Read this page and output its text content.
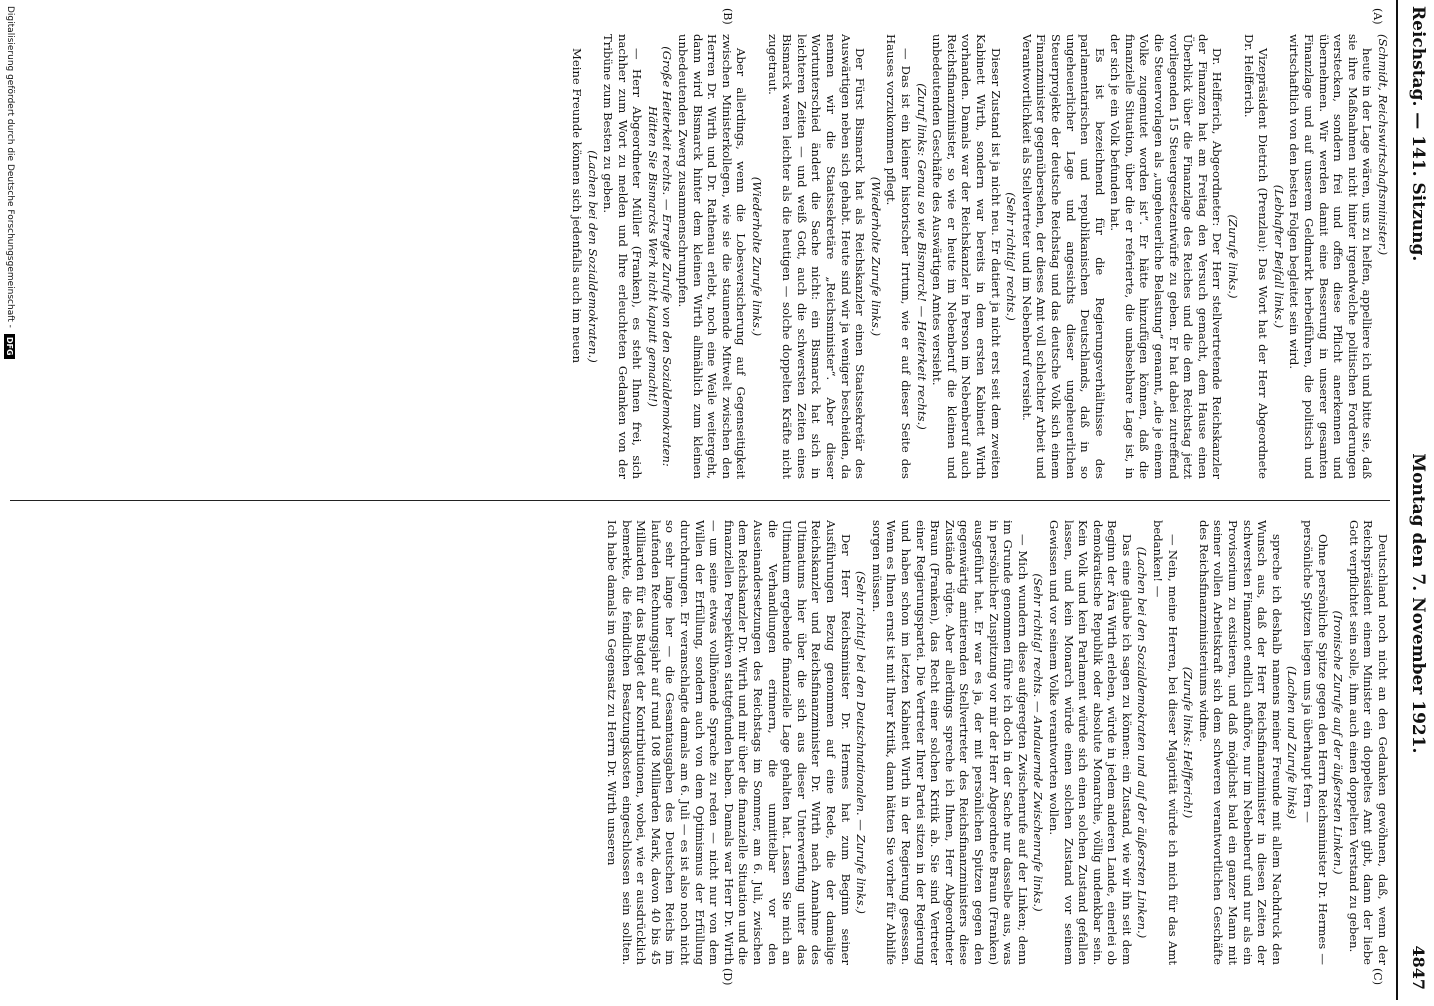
Reichstag. — 141. Sitzung.
Montag den 7. November 1921.
4847
(A)
(B)
(C)
(D)

(Schmidt, Reichswirtschaftsminister.)

heute in der Lage wären, uns zu helfen, appelliere ich und bitte sie, daß sie ihre Maßnahmen nicht hinter irgendwelche politischen Forderungen verstecken, sondern frei und offen diese Pflicht anerkennen und übernehmen. Wir werden damit eine Besserung in unserer gesamten Finanzlage und auf unserem Geldmarkt herbeiführen, die politisch und wirtschaftlich von den besten Folgen begleitet sein wird.

(Lebhafter Beifall links.)

Vizepräsident Dietrich (Prenzlau): Das Wort hat der Herr Abgeordnete Dr. Helfferich.

(Zurufe links.)

Dr. Helfferich, Abgeordneter: Der Herr stellvertretende Reichskanzler der Finanzen hat am Freitag den Versuch gemacht, dem Hause einen Überblick über die Finanzlage des Reiches und die dem Reichstag jetzt vorliegenden 15 Steuergesetzentwürfe zu geben. Er hat dabei zutreffend die Steuervorlagen als „ungeheuerliche Belastung“ genannt, „die je einem Volke zugemutet worden ist“. Er hätte hinzufügen können, daß die finanzielle Situation, über die er referierte, die unabsehbare Lage ist, in der sich je ein Volk befunden hat.

Es ist bezeichnend für die Regierungsverhältnisse des parlamentarischen und republikanischen Deutschlands, daß in so ungeheuerlicher Lage und angesichts dieser ungeheuerlichen Steuerprojekte der deutsche Reichstag und das deutsche Volk sich einem Finanzminister gegenübersehen, der dieses Amt voll schlechter Arbeit und Verantwortlichkeit als Stellvertreter und im Nebenberuf versieht.

(Sehr richtig! rechts.)

Dieser Zustand ist ja nicht neu. Er datiert ja nicht erst seit dem zweiten Kabinett Wirth, sondern war bereits in dem ersten Kabinett Wirth vorhanden. Damals war der Reichskanzler in Person im Nebenberuf auch Reichsfinanzminister, so wie er heute im Nebenberuf die kleinen und unbedeutenden Geschäfte des Auswärtigen Amtes versieht.

(Zuruf links: Genau so wie Bismarck! — Heiterkeit rechts.)

— Das ist ein kleiner historischer Irrtum, wie er auf dieser Seite des Hauses vorzukommen pflegt.

(Wiederholte Zurufe links.)

Der Fürst Bismarck hat als Reichskanzler einen Staatssekretär des Auswärtigen neben sich gehabt. Heute sind wir ja weniger bescheiden, da nennen wir die Staatssekretäre „Reichsminister“. Aber dieser Wortunterschied ändert die Sache nicht: ein Bismarck hat sich in leichteren Zeiten — und weiß Gott, auch die schwersten Zeiten eines Bismarck waren leichter als die heutigen — solche doppelten Kräfte nicht zugetraut.

(Wiederholte Zurufe links.)

Aber allerdings, wenn die Lobesversicherung auf Gegenseitigkeit zwischen Ministerkollegen, wie sie die staunende Mitwelt zwischen den Herren Dr. Wirth und Dr. Rathenau erlebt, noch eine Weile weitergeht, dann wird Bismarck hinter dem kleinen Wirth allmählich zum kleinen unbedeutenden Zwerg zusammenschrumpfen.

(Große Heiterkeit rechts. — Erregte Zurufe von den Sozialdemokraten: Hätten Sie Bismarcks Werk nicht kaputt gemacht!)

— Herr Abgeordneter Müller (Franken), es steht Ihnen frei, sich nachher zum Wort zu melden und Ihre erleuchteten Gedanken von der Tribüne zum Besten zu geben.

(Lachen bei den Sozialdemokraten.)

Meine Freunde können sich jedenfalls auch im neuen

Deutschland noch nicht an den Gedanken gewöhnen, daß, wenn der Reichspräsident einem Minister ein doppeltes Amt gibt, dann der liebe Gott verpflichtet sein solle, ihm auch einen doppelten Verstand zu geben.

(Ironische Zurufe auf der äußersten Linken.)

Ohne persönliche Spitze gegen den Herrn Reichsminister Dr. Hermes — persönliche Spitzen liegen uns ja überhaupt fern —

(Lachen und Zurufe links)

spreche ich deshalb namens meiner Freunde mit allem Nachdruck den Wunsch aus, daß der Herr Reichsfinanzminister in diesen Zeiten der schwersten Finanznot endlich aufhöre, nur im Nebenberuf und nur als ein Provisorium zu existieren, und daß möglichst bald ein ganzer Mann mit seiner vollen Arbeitskraft sich dem schweren verantwortlichen Geschäfte des Reichsfinanzministeriums widme.

(Zurufe links: Helfferich!)

— Nein, meine Herren, bei dieser Majorität würde ich mich für das Amt bedanken! —

(Lachen bei den Sozialdemokraten und auf der äußersten Linken.)

Das eine glaube ich sagen zu können: ein Zustand, wie wir ihn seit dem Beginn der Ära Wirth erleben, würde in jedem anderen Lande, einerlei ob demokratische Republik oder absolute Monarchie, völlig undenkbar sein. Kein Volk und kein Parlament würde sich einen solchen Zustand gefallen lassen, und kein Monarch würde einen solchen Zustand vor seinem Gewissen und vor seinem Volke verantworten wollen.

(Sehr richtig! rechts. — Andauernde Zwischenrufe links.)

— Mich wundern diese aufgeregten Zwischenrufe auf der Linken; denn im Grunde genommen führe ich doch in der Sache nur dasselbe aus, was in persönlicher Zuspitzung vor mir der Herr Abgeordnete Braun (Franken) ausgeführt hat. Er war es ja, der mit persönlichen Spitzen gegen den gegenwärtig amtierenden Stellvertreter des Reichsfinanzministers diese Zustände rügte. Aber allerdings spreche ich Ihnen, Herr Abgeordneter Braun (Franken), das Recht einer solchen Kritik ab. Sie sind Vertreter einer Regierungspartei. Die Vertreter Ihrer Partei sitzen in der Regierung und haben schon im letzten Kabinett Wirth in der Regierung gesessen. Wenn es Ihnen ernst ist mit Ihrer Kritik, dann hätten Sie vorher für Abhilfe sorgen müssen.

(Sehr richtig! bei den Deutschnationalen. — Zurufe links.)

Der Herr Reichsminister Dr. Hermes hat zum Beginn seiner Ausführungen Bezug genommen auf eine Rede, die der damalige Reichskanzler und Reichsfinanzminister Dr. Wirth nach Annahme des Ultimatums hier über die sich aus dieser Unterwerfung unter das Ultimatum ergebende finanzielle Lage gehalten hat. Lassen Sie mich an die Verhandlungen erinnern, die unmittelbar vor den Auseinandersetzungen des Reichstags im Sommer, am 6. Juli, zwischen dem Reichskanzler Dr. Wirth und mir über die finanzielle Situation und die finanziellen Perspektiven stattgefunden haben. Damals war Herr Dr. Wirth — um seine etwas vollhönende Sprache zu reden — nicht nur von dem Willen der Erfüllung, sondern auch von dem Optimismus der Erfüllung durchdrungen. Er veranschlagte damals am 6. Juli — es ist also noch nicht so sehr lange her — die Gesamtausgaben des Deutschen Reichs im laufenden Rechnungsjahr auf rund 108 Milliarden Mark, davon 40 bis 45 Milliarden für das Budget der Kontributionen, wobei, wie er ausdrücklich bemerkte, die feindlichen Besatzungskosten eingeschlossen sein sollten. Ich habe damals im Gegensatz zu Herrn Dr. Wirth unseren

Digitalisierung gefördert durch die Deutsche Forschungsgemeinschaft -
DFG
